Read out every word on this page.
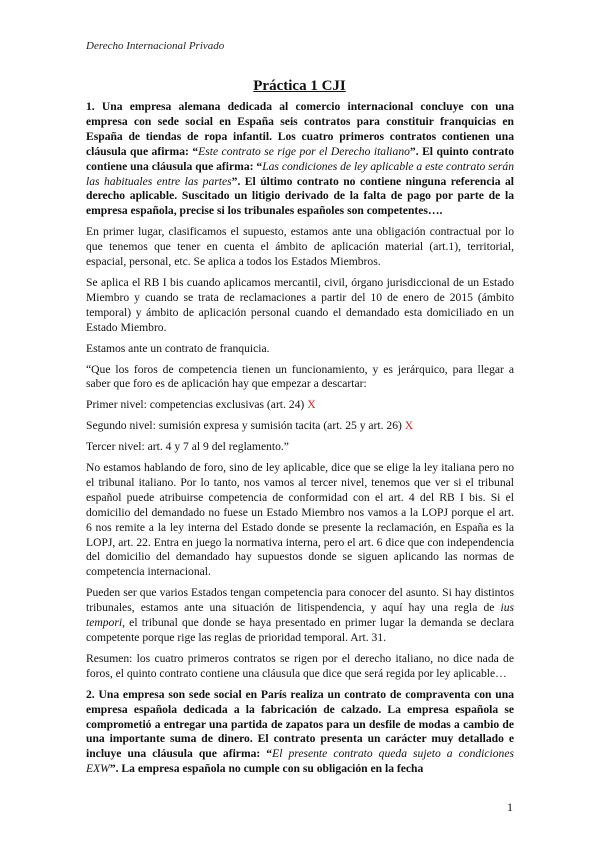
Derecho Internacional Privado
Práctica 1 CJI

1. Una empresa alemana dedicada al comercio internacional concluye con una empresa con sede social en España seis contratos para constituir franquicias en España de tiendas de ropa infantil. Los cuatro primeros contratos contienen una cláusula que afirma: “Este contrato se rige por el Derecho italiano”. El quinto contrato contiene una cláusula que afirma: “Las condiciones de ley aplicable a este contrato serán las habituales entre las partes”. El último contrato no contiene ninguna referencia al derecho aplicable. Suscitado un litigio derivado de la falta de pago por parte de la empresa española, precise si los tribunales españoles son competentes….

En primer lugar, clasificamos el supuesto, estamos ante una obligación contractual por lo que tenemos que tener en cuenta el ámbito de aplicación material (art.1), territorial, espacial, personal, etc. Se aplica a todos los Estados Miembros.

Se aplica el RB I bis cuando aplicamos mercantil, civil, órgano jurisdiccional de un Estado Miembro y cuando se trata de reclamaciones a partir del 10 de enero de 2015 (ámbito temporal) y ámbito de aplicación personal cuando el demandado esta domiciliado en un Estado Miembro.

Estamos ante un contrato de franquicia.

“Que los foros de competencia tienen un funcionamiento, y es jerárquico, para llegar a saber que foro es de aplicación hay que empezar a descartar:

Primer nivel: competencias exclusivas (art. 24) X

Segundo nivel: sumisión expresa y sumisión tacita (art. 25 y art. 26) X

Tercer nivel: art. 4 y 7 al 9 del reglamento.”

No estamos hablando de foro, sino de ley aplicable, dice que se elige la ley italiana pero no el tribunal italiano. Por lo tanto, nos vamos al tercer nivel, tenemos que ver si el tribunal español puede atribuirse competencia de conformidad con el art. 4 del RB I bis. Si el domicilio del demandado no fuese un Estado Miembro nos vamos a la LOPJ porque el art. 6 nos remite a la ley interna del Estado donde se presente la reclamación, en España es la LOPJ, art. 22. Entra en juego la normativa interna, pero el art. 6 dice que con independencia del domicilio del demandado hay supuestos donde se siguen aplicando las normas de competencia internacional.

Pueden ser que varios Estados tengan competencia para conocer del asunto. Si hay distintos tribunales, estamos ante una situación de litispendencia, y aquí hay una regla de ius tempori, el tribunal que donde se haya presentado en primer lugar la demanda se declara competente porque rige las reglas de prioridad temporal. Art. 31.

Resumen: los cuatro primeros contratos se rigen por el derecho italiano, no dice nada de foros, el quinto contrato contiene una cláusula que dice que será regida por ley aplicable…

2. Una empresa son sede social en París realiza un contrato de compraventa con una empresa española dedicada a la fabricación de calzado. La empresa española se comprometió a entregar una partida de zapatos para un desfile de modas a cambio de una importante suma de dinero. El contrato presenta un carácter muy detallado e incluye una cláusula que afirma: “El presente contrato queda sujeto a condiciones EXW”. La empresa española no cumple con su obligación en la fecha

1
